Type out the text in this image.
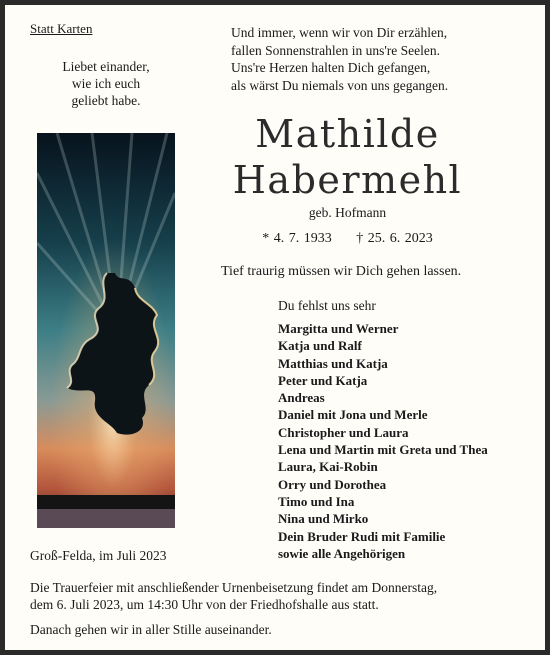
Statt Karten
Liebet einander,
wie ich euch
geliebt habe.
Und immer, wenn wir von Dir erzählen,
fallen Sonnenstrahlen in uns're Seelen.
Uns're Herzen halten Dich gefangen,
als wärst Du niemals von uns gegangen.
Mathilde
Habermehl
geb. Hofmann
* 4. 7. 1933 † 25. 6. 2023
Tief traurig müssen wir Dich gehen lassen.
Du fehlst uns sehr
Margitta und Werner
Katja und Ralf
Matthias und Katja
Peter und Katja
Andreas
Daniel mit Jona und Merle
Christopher und Laura
Lena und Martin mit Greta und Thea
Laura, Kai-Robin
Orry und Dorothea
Timo und Ina
Nina und Mirko
Dein Bruder Rudi mit Familie
sowie alle Angehörigen
Groß-Felda, im Juli 2023
Die Trauerfeier mit anschließender Urnenbeisetzung findet am Donnerstag,
dem 6. Juli 2023, um 14:30 Uhr von der Friedhofshalle aus statt.
Danach gehen wir in aller Stille auseinander.
